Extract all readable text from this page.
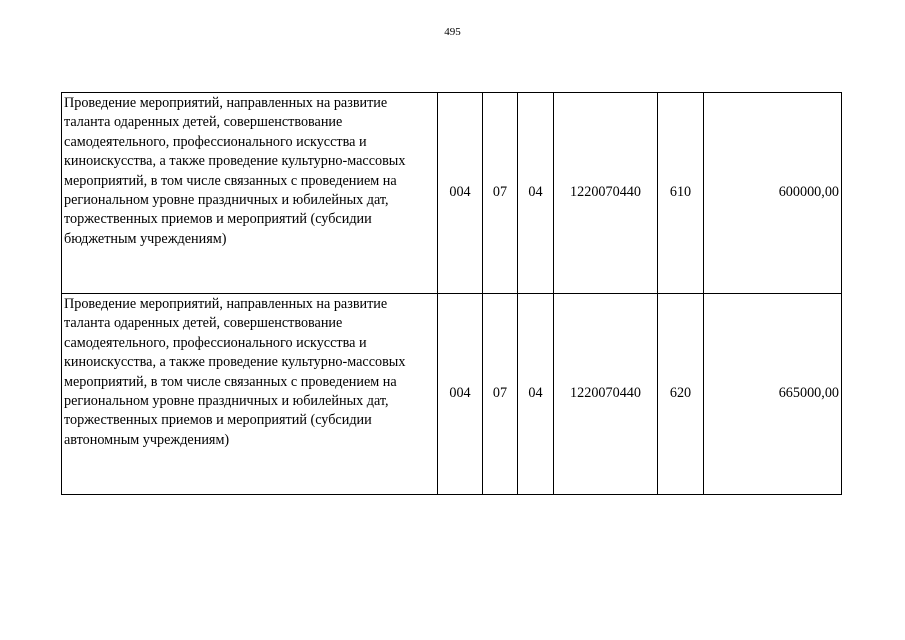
495
Проведение мероприятий, направленных на развитие таланта одаренных детей, совершенствование самодеятельного, профессионального искусства и киноискусства, а также проведение культурно-массовых мероприятий, в том числе связанных с проведением на региональном уровне праздничных и юбилейных дат, торжественных приемов и мероприятий (субсидии бюджетным учреждениям)	004	07	04	1220070440	610	600000,00
Проведение мероприятий, направленных на развитие таланта одаренных детей, совершенствование самодеятельного, профессионального искусства и киноискусства, а также проведение культурно-массовых мероприятий, в том числе связанных с проведением на региональном уровне праздничных и юбилейных дат, торжественных приемов и мероприятий (субсидии автономным учреждениям)	004	07	04	1220070440	620	665000,00
